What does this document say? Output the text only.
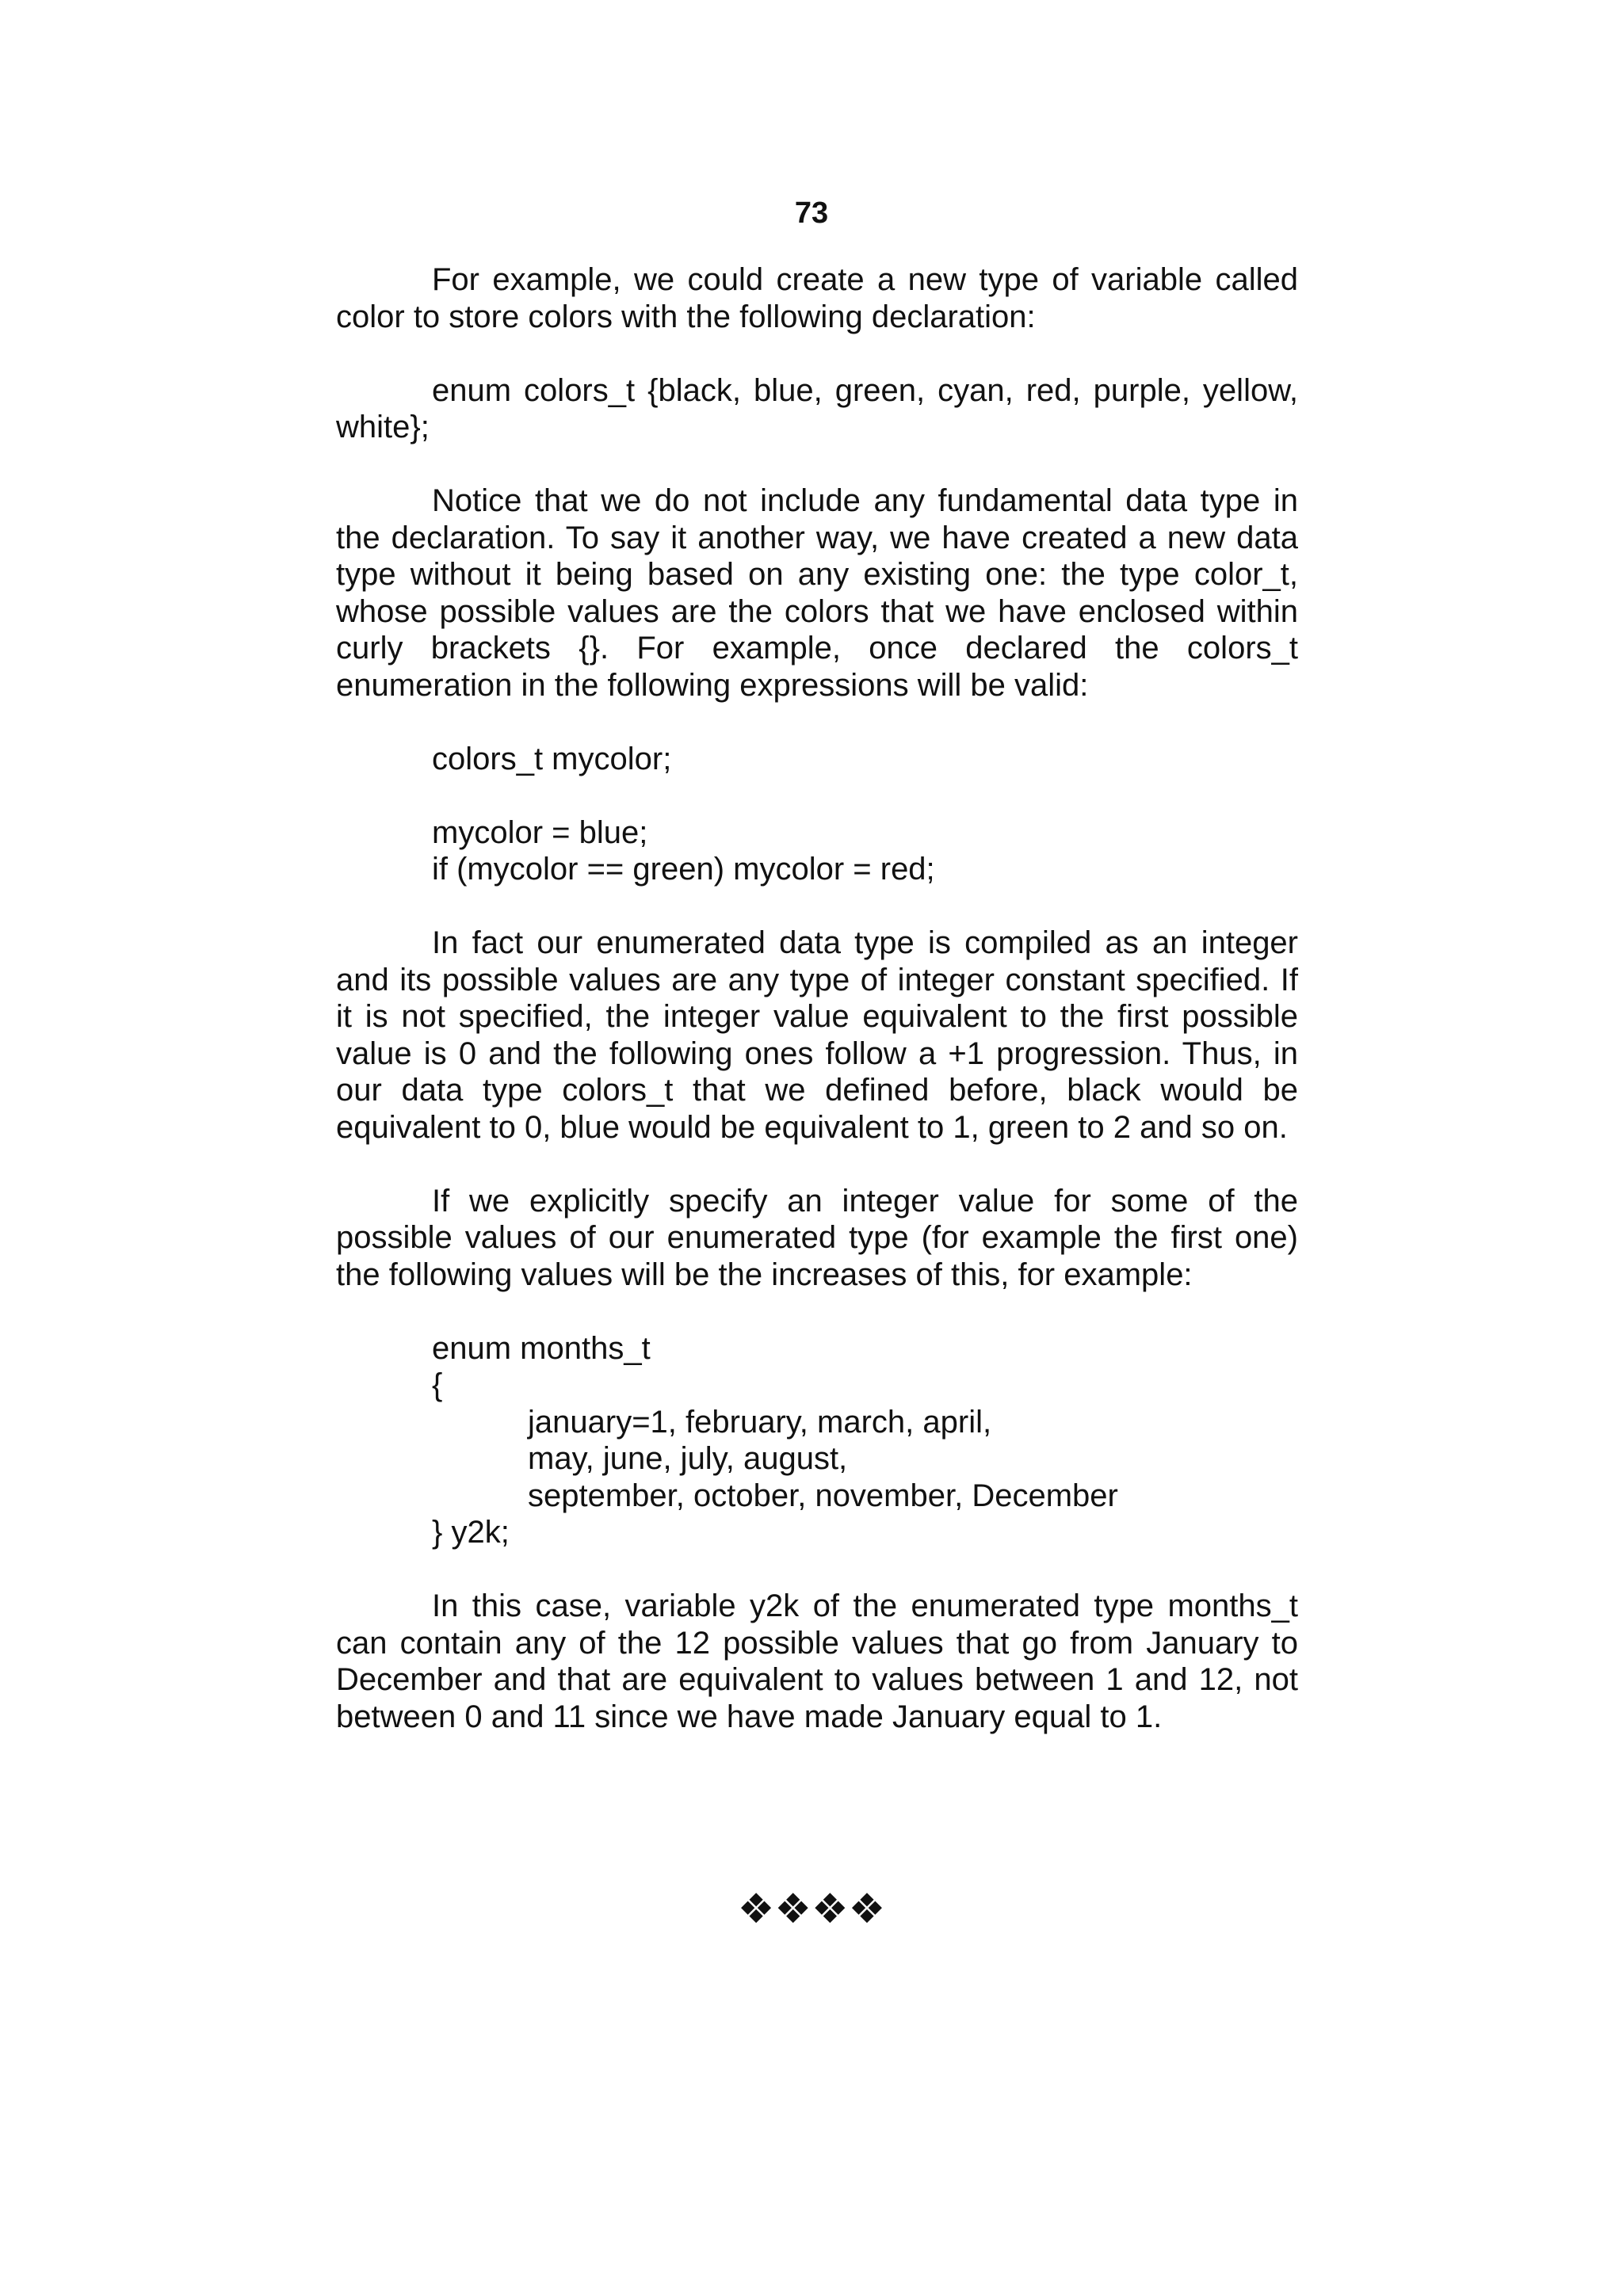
73

For example, we could create a new type of variable called color to store colors with the following declaration:

enum colors_t {black, blue, green, cyan, red, purple, yellow, white};

Notice that we do not include any fundamental data type in the declaration. To say it another way, we have created a new data type without it being based on any existing one: the type color_t, whose possible values are the colors that we have enclosed within curly brackets {}. For example, once declared the colors_t enumeration in the following expressions will be valid:

colors_t mycolor;
mycolor = blue;
if (mycolor == green) mycolor = red;

In fact our enumerated data type is compiled as an integer and its possible values are any type of integer constant specified. If it is not specified, the integer value equivalent to the first possible value is 0 and the following ones follow a +1 progression. Thus, in our data type colors_t that we defined before, black would be equivalent to 0, blue would be equivalent to 1, green to 2 and so on.

If we explicitly specify an integer value for some of the possible values of our enumerated type (for example the first one) the following values will be the increases of this, for example:

enum months_t
{
january=1, february, march, april,
may, june, july, august,
september, october, november, December
} y2k;

In this case, variable y2k of the enumerated type months_t can contain any of the 12 possible values that go from January to December and that are equivalent to values between 1 and 12, not between 0 and 11 since we have made January equal to 1.

❖❖❖❖
